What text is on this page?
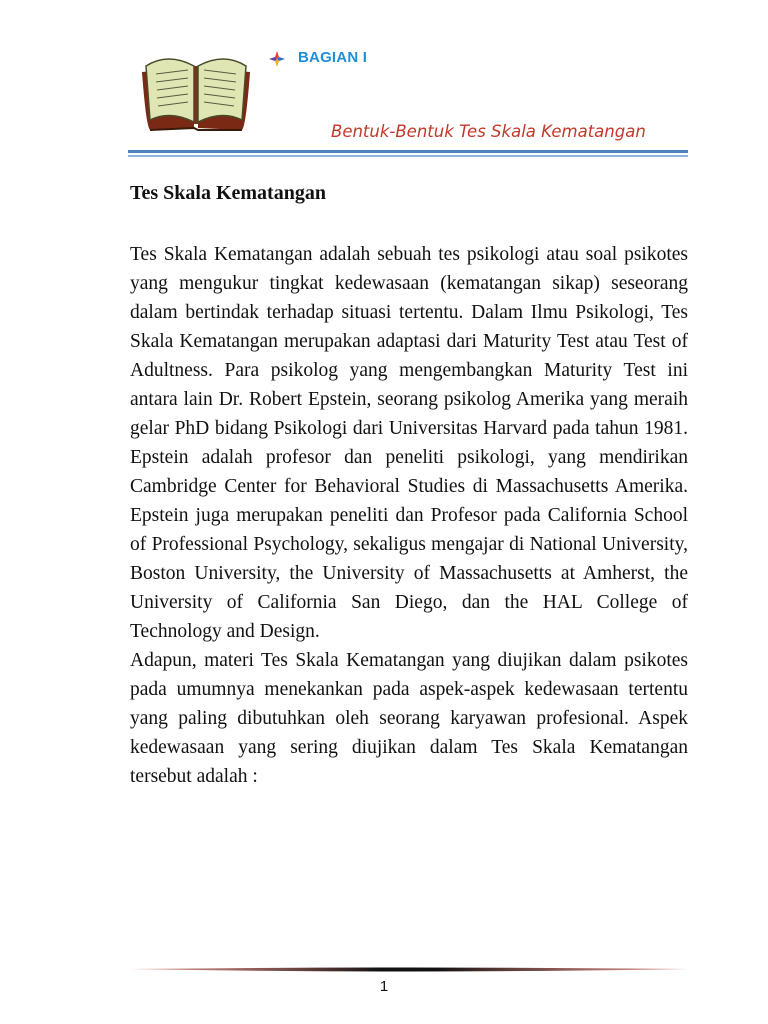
BAGIAN I
Bentuk-Bentuk Tes Skala Kematangan
Tes Skala Kematangan

Tes Skala Kematangan adalah sebuah tes psikologi atau soal psikotes yang mengukur tingkat kedewasaan (kematangan sikap) seseorang dalam bertindak terhadap situasi tertentu. Dalam Ilmu Psikologi, Tes Skala Kematangan merupakan adaptasi dari Maturity Test atau Test of Adultness. Para psikolog yang mengembangkan Maturity Test ini antara lain Dr. Robert Epstein, seorang psikolog Amerika yang meraih gelar PhD bidang Psikologi dari Universitas Harvard pada tahun 1981. Epstein adalah profesor dan peneliti psikologi, yang mendirikan Cambridge Center for Behavioral Studies di Massachusetts Amerika. Epstein juga merupakan peneliti dan Profesor pada California School of Professional Psychology, sekaligus mengajar di National University, Boston University, the University of Massachusetts at Amherst, the University of California San Diego, dan the HAL College of Technology and Design.

Adapun, materi Tes Skala Kematangan yang diujikan dalam psikotes pada umumnya menekankan pada aspek-aspek kedewasaan tertentu yang paling dibutuhkan oleh seorang karyawan profesional. Aspek kedewasaan yang sering diujikan dalam Tes Skala Kematangan tersebut adalah :

1
